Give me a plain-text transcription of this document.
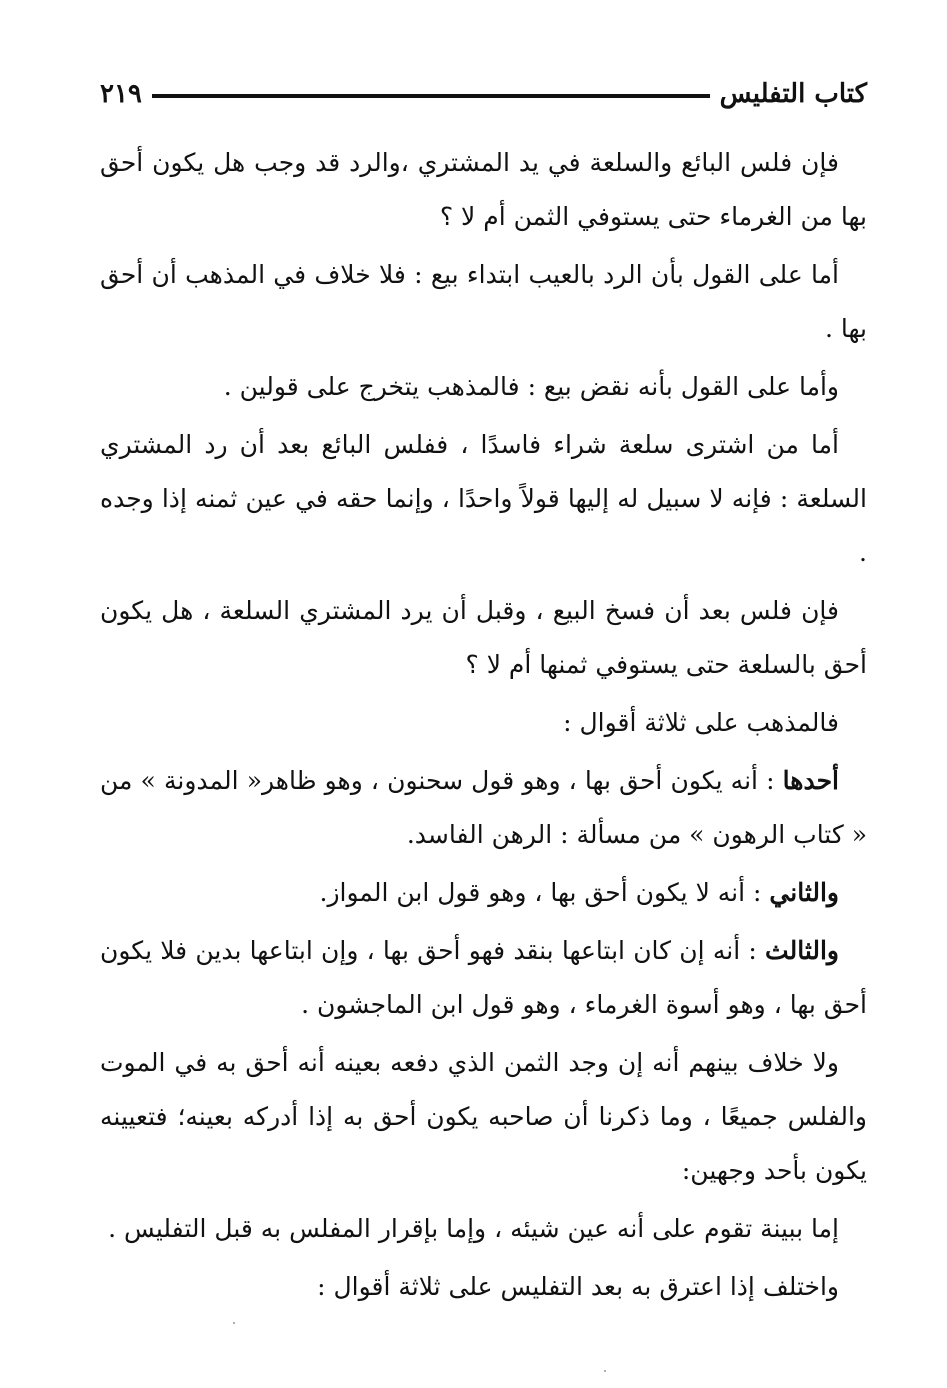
كتاب التفليس
٢١٩

فإن فلس البائع والسلعة في يد المشتري ،والرد قد وجب هل يكون أحق بها من الغرماء حتى يستوفي الثمن أم لا ؟

أما على القول بأن الرد بالعيب ابتداء بيع : فلا خلاف في المذهب أن أحق بها .

وأما على القول بأنه نقض بيع : فالمذهب يتخرج على قولين .

أما من اشترى سلعة شراء فاسدًا ، ففلس البائع بعد أن رد المشتري السلعة : فإنه لا سبيل له إليها قولاً واحدًا ، وإنما حقه في عين ثمنه إذا وجده .

فإن فلس بعد أن فسخ البيع ، وقبل أن يرد المشتري السلعة ، هل يكون أحق بالسلعة حتى يستوفي ثمنها أم لا ؟

فالمذهب على ثلاثة أقوال :

أحدها : أنه يكون أحق بها ، وهو قول سحنون ، وهو ظاهر« المدونة » من « كتاب الرهون » من مسألة : الرهن الفاسد.

والثاني : أنه لا يكون أحق بها ، وهو قول ابن المواز.

والثالث : أنه إن كان ابتاعها بنقد فهو أحق بها ، وإن ابتاعها بدين فلا يكون أحق بها ، وهو أسوة الغرماء ، وهو قول ابن الماجشون .

ولا خلاف بينهم أنه إن وجد الثمن الذي دفعه بعينه أنه أحق به في الموت والفلس جميعًا ، وما ذكرنا أن صاحبه يكون أحق به إذا أدركه بعينه؛ فتعيينه يكون بأحد وجهين:

إما ببينة تقوم على أنه عين شيئه ، وإما بإقرار المفلس به قبل التفليس .

واختلف إذا اعترق به بعد التفليس على ثلاثة أقوال :
